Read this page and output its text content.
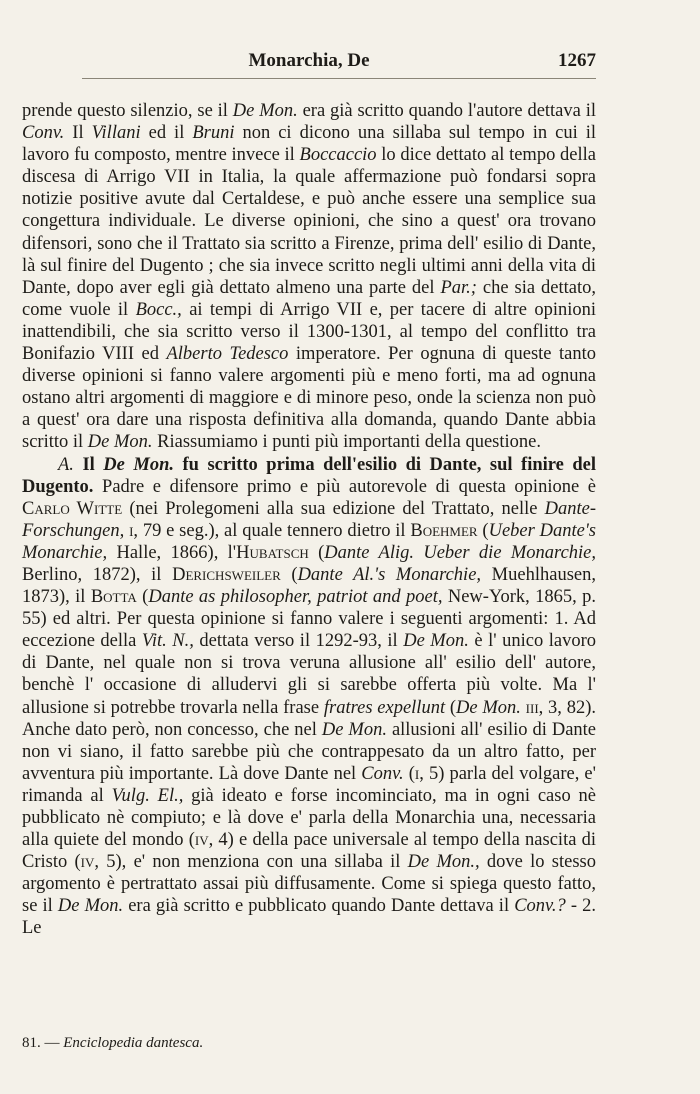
Monarchia, De	1267

prende questo silenzio, se il De Mon. era già scritto quando l'autore dettava il Conv. Il Villani ed il Bruni non ci dicono una sillaba sul tempo in cui il lavoro fu composto, mentre invece il Boccaccio lo dice dettato al tempo della discesa di Arrigo VII in Italia, la quale affermazione può fondarsi sopra notizie positive avute dal Certaldese, e può anche essere una semplice sua congettura individuale. Le diverse opinioni, che sino a quest' ora trovano difensori, sono che il Trattato sia scritto a Firenze, prima dell' esilio di Dante, là sul finire del Dugento ; che sia invece scritto negli ultimi anni della vita di Dante, dopo aver egli già dettato almeno una parte del Par.; che sia dettato, come vuole il Bocc., ai tempi di Arrigo VII e, per tacere di altre opinioni inattendibili, che sia scritto verso il 1300-1301, al tempo del conflitto tra Bonifazio VIII ed Alberto Tedesco imperatore. Per ognuna di queste tanto diverse opinioni si fanno valere argomenti più e meno forti, ma ad ognuna ostano altri argomenti di maggiore e di minore peso, onde la scienza non può a quest' ora dare una risposta definitiva alla domanda, quando Dante abbia scritto il De Mon. Riassumiamo i punti più importanti della questione.

A. Il De Mon. fu scritto prima dell'esilio di Dante, sul finire del Dugento. Padre e difensore primo e più autorevole di questa opinione è Carlo Witte (nei Prolegomeni alla sua edizione del Trattato, nelle Dante-Forschungen, i, 79 e seg.), al quale tennero dietro il Boehmer (Ueber Dante's Monarchie, Halle, 1866), l'Hubatsch (Dante Alig. Ueber die Monarchie, Berlino, 1872), il Derichsweiler (Dante Al.'s Monarchie, Muehlhausen, 1873), il Botta (Dante as philosopher, patriot and poet, New-York, 1865, p. 55) ed altri. Per questa opinione si fanno valere i seguenti argomenti: 1. Ad eccezione della Vit. N., dettata verso il 1292-93, il De Mon. è l' unico lavoro di Dante, nel quale non si trova veruna allusione all' esilio dell' autore, benchè l' occasione di alludervi gli si sarebbe offerta più volte. Ma l' allusione si potrebbe trovarla nella frase fratres expellunt (De Mon. iii, 3, 82). Anche dato però, non concesso, che nel De Mon. allusioni all' esilio di Dante non vi siano, il fatto sarebbe più che contrappesato da un altro fatto, per avventura più importante. Là dove Dante nel Conv. (i, 5) parla del volgare, e' rimanda al Vulg. El., già ideato e forse incominciato, ma in ogni caso nè pubblicato nè compiuto; e là dove e' parla della Monarchia una, necessaria alla quiete del mondo (iv, 4) e della pace universale al tempo della nascita di Cristo (iv, 5), e' non menziona con una sillaba il De Mon., dove lo stesso argomento è pertrattato assai più diffusamente. Come si spiega questo fatto, se il De Mon. era già scritto e pubblicato quando Dante dettava il Conv.? - 2. Le

81. — Enciclopedia dantesca.
